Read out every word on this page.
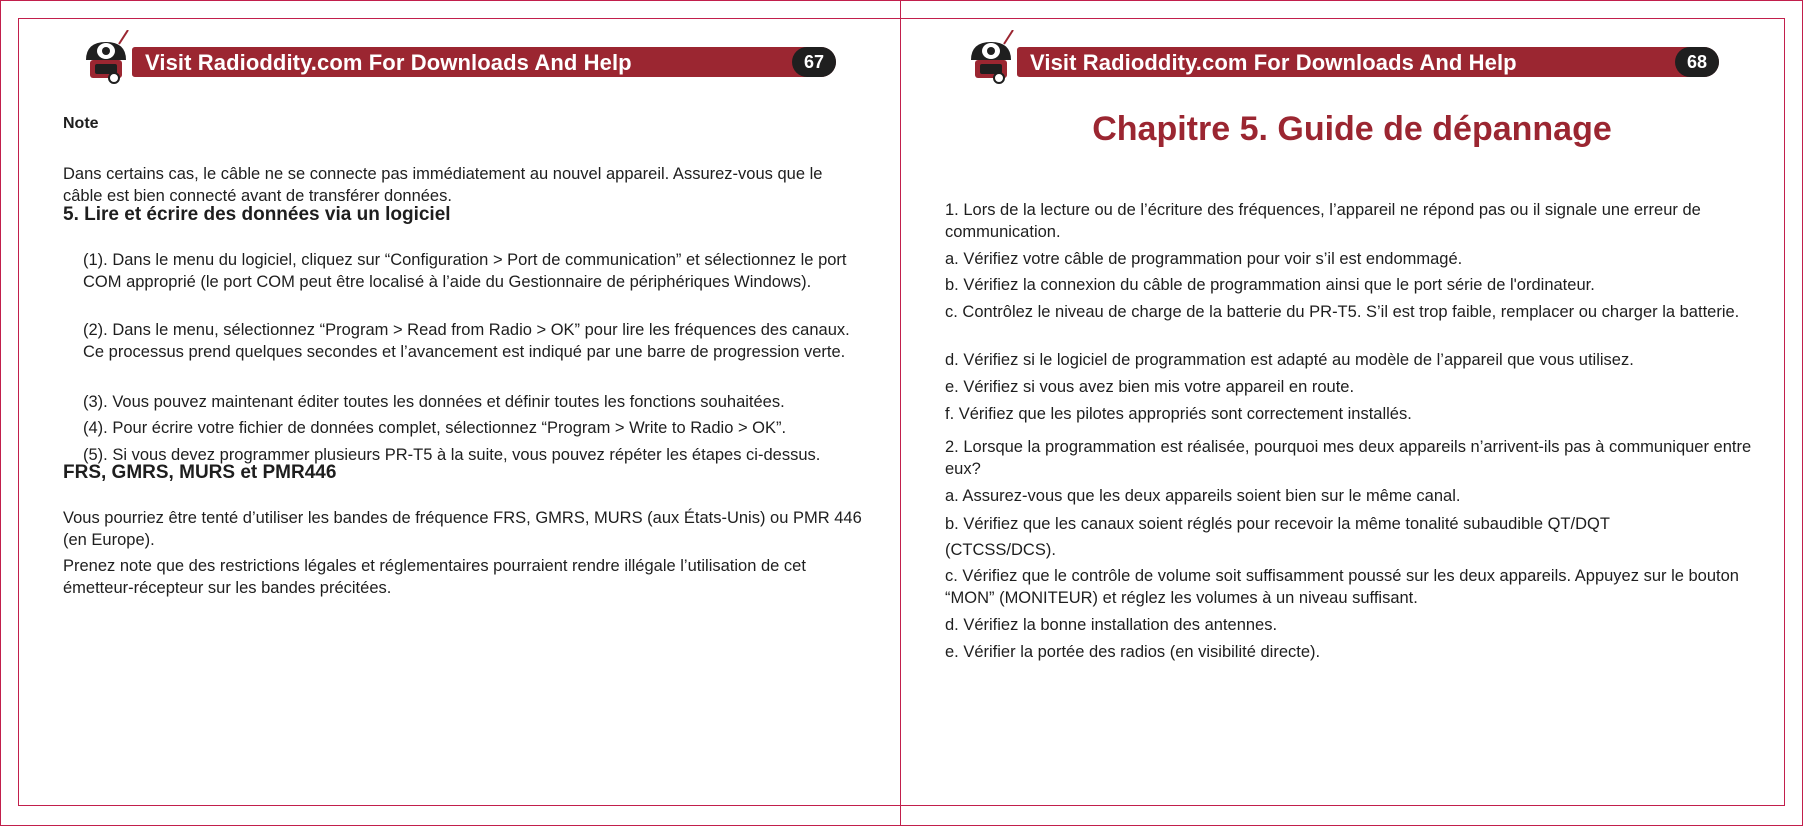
Visit Radioddity.com For Downloads And Help	67
Note

Dans certains cas, le câble ne se connecte pas immédiatement au nouvel appareil. Assurez-vous que le câble est bien connecté avant de transférer données.

5. Lire et écrire des données via un logiciel

(1). Dans le menu du logiciel, cliquez sur “Configuration > Port de communication” et sélectionnez le port COM approprié (le port COM peut être localisé à l’aide du Gestionnaire de périphériques Windows).

(2). Dans le menu, sélectionnez “Program > Read from Radio > OK” pour lire les fréquences des canaux. Ce processus prend quelques secondes et l’avancement est indiqué par une barre de progression verte.

(3). Vous pouvez maintenant éditer toutes les données et définir toutes les fonctions souhaitées.

(4). Pour écrire votre fichier de données complet, sélectionnez “Program > Write to Radio > OK”.

(5). Si vous devez programmer plusieurs PR-T5 à la suite, vous pouvez répéter les étapes ci-dessus.

FRS, GMRS, MURS et PMR446

Vous pourriez être tenté d’utiliser les bandes de fréquence FRS, GMRS, MURS (aux États-Unis) ou PMR 446 (en Europe).

Prenez note que des restrictions légales et réglementaires pourraient rendre illégale l’utilisation de cet émetteur-récepteur sur les bandes précitées.

Visit Radioddity.com For Downloads And Help	68
Chapitre 5. Guide de dépannage

1. Lors de la lecture ou de l’écriture des fréquences, l’appareil ne répond pas ou il signale une erreur de communication.

a. Vérifiez votre câble de programmation pour voir s’il est endommagé.

b. Vérifiez la connexion du câble de programmation ainsi que le port série de l'ordinateur.

c. Contrôlez le niveau de charge de la batterie du PR-T5. S’il est trop faible, remplacer ou charger la batterie.

d. Vérifiez si le logiciel de programmation est adapté au modèle de l’appareil que vous utilisez.

e. Vérifiez si vous avez bien mis votre appareil en route.

f. Vérifiez que les pilotes appropriés sont correctement installés.

2. Lorsque la programmation est réalisée, pourquoi mes deux appareils n’arrivent-ils pas à communiquer entre eux?

a. Assurez-vous que les deux appareils soient bien sur le même canal.

b. Vérifiez que les canaux soient réglés pour recevoir la même tonalité subaudible QT/DQT (CTCSS/DCS).

c. Vérifiez que le contrôle de volume soit suffisamment poussé sur les deux appareils. Appuyez sur le bouton “MON” (MONITEUR) et réglez les volumes à un niveau suffisant.

d. Vérifiez la bonne installation des antennes.

e. Vérifier la portée des radios (en visibilité directe).
